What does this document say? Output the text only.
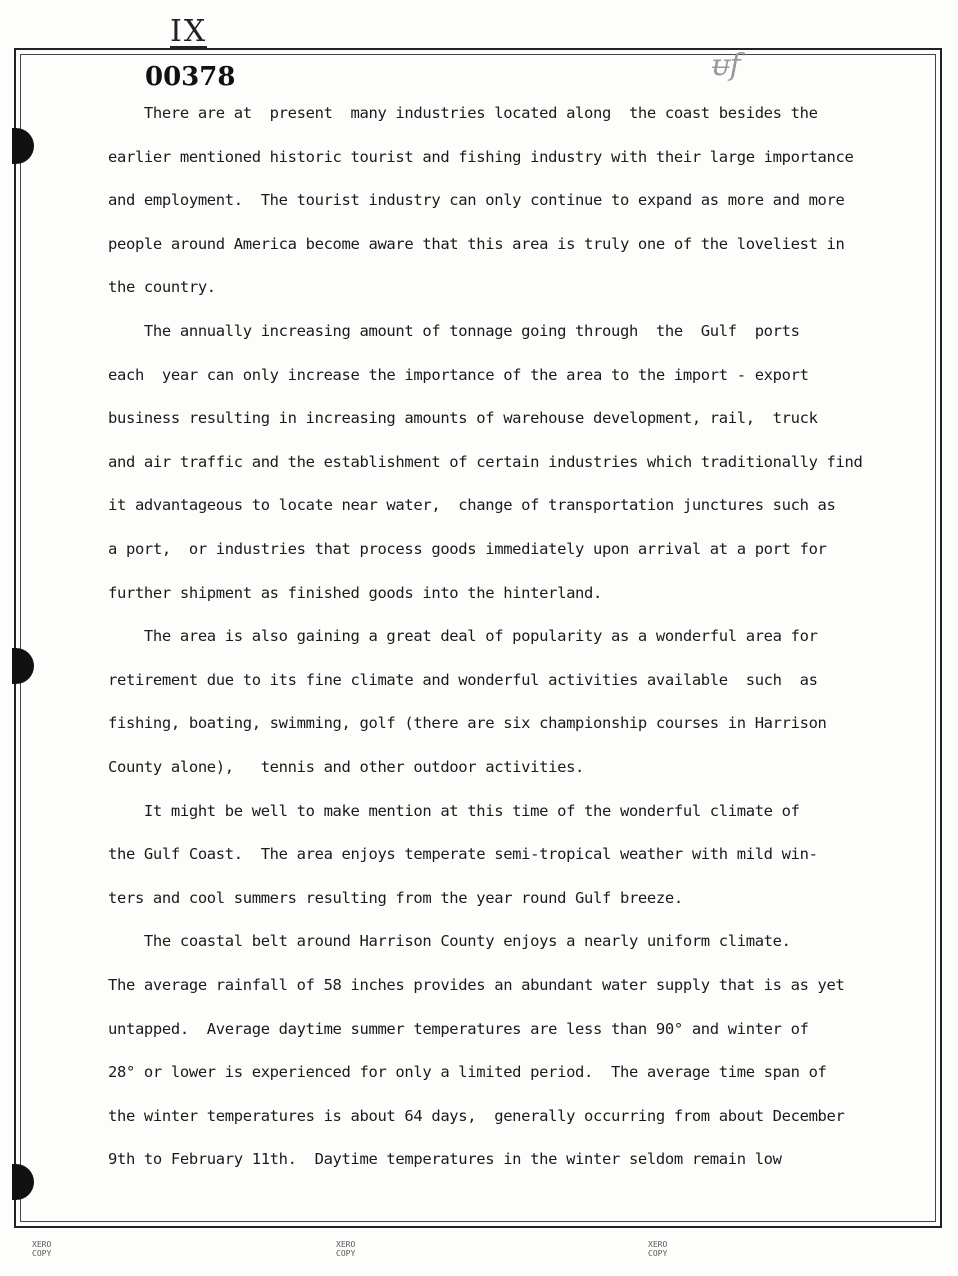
IX
00378	ᵾf

There are at  present  many industries located along  the coast besides the

earlier mentioned historic tourist and fishing industry with their large importance

and employment.  The tourist industry can only continue to expand as more and more

people around America become aware that this area is truly one of the loveliest in

the country.

The annually increasing amount of tonnage going through  the  Gulf  ports

each  year can only increase the importance of the area to the import - export

business resulting in increasing amounts of warehouse development, rail,  truck

and air traffic and the establishment of certain industries which traditionally find

it advantageous to locate near water,  change of transportation junctures such as

a port,  or industries that process goods immediately upon arrival at a port for

further shipment as finished goods into the hinterland.

The area is also gaining a great deal of popularity as a wonderful area for

retirement due to its fine climate and wonderful activities available  such  as

fishing, boating, swimming, golf (there are six championship courses in Harrison

County alone),   tennis and other outdoor activities.

It might be well to make mention at this time of the wonderful climate of

the Gulf Coast.  The area enjoys temperate semi-tropical weather with mild win-

ters and cool summers resulting from the year round Gulf breeze.

The coastal belt around Harrison County enjoys a nearly uniform climate.

The average rainfall of 58 inches provides an abundant water supply that is as yet

untapped.  Average daytime summer temperatures are less than 90° and winter of

28° or lower is experienced for only a limited period.  The average time span of

the winter temperatures is about 64 days,  generally occurring from about December

9th to February 11th.  Daytime temperatures in the winter seldom remain low

XERO
COPY
XERO
COPY
XERO
COPY
